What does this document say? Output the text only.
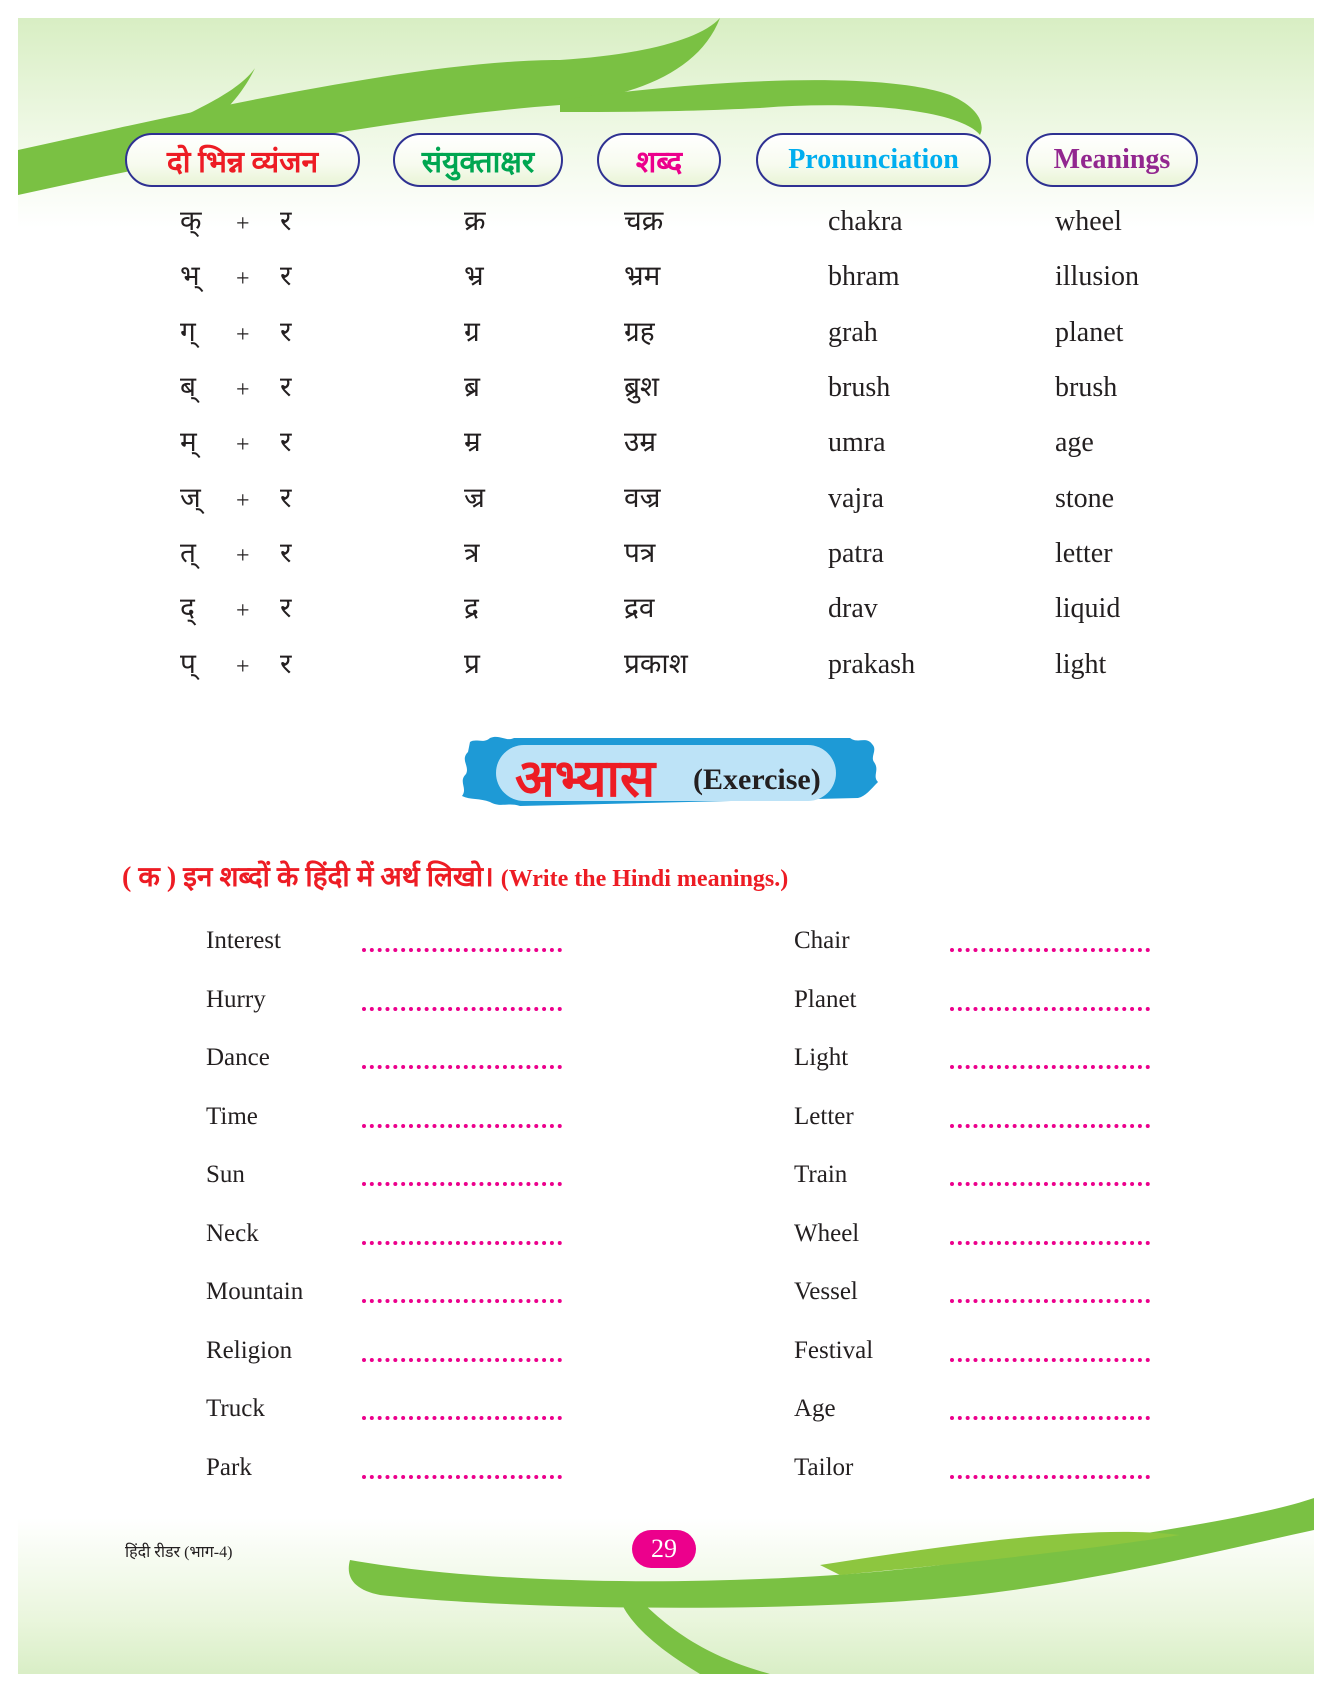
दो भिन्न व्यंजन	संयुक्ताक्षर	शब्द	Pronunciation	Meanings
क् + र	क्र	चक्र	chakra	wheel
भ् + र	भ्र	भ्रम	bhram	illusion
ग् + र	ग्र	ग्रह	grah	planet
ब् + र	ब्र	ब्रुश	brush	brush
म् + र	म्र	उम्र	umra	age
ज् + र	ज्र	वज्र	vajra	stone
त् + र	त्र	पत्र	patra	letter
द् + र	द्र	द्रव	drav	liquid
प् + र	प्र	प्रकाश	prakash	light
अभ्यास (Exercise)
( क ) इन शब्दों के हिंदी में अर्थ लिखो। (Write the Hindi meanings.)
Interest
Hurry
Dance
Time
Sun
Neck
Mountain
Religion
Truck
Park
Chair
Planet
Light
Letter
Train
Wheel
Vessel
Festival
Age
Tailor
हिंदी रीडर (भाग-4)	29
